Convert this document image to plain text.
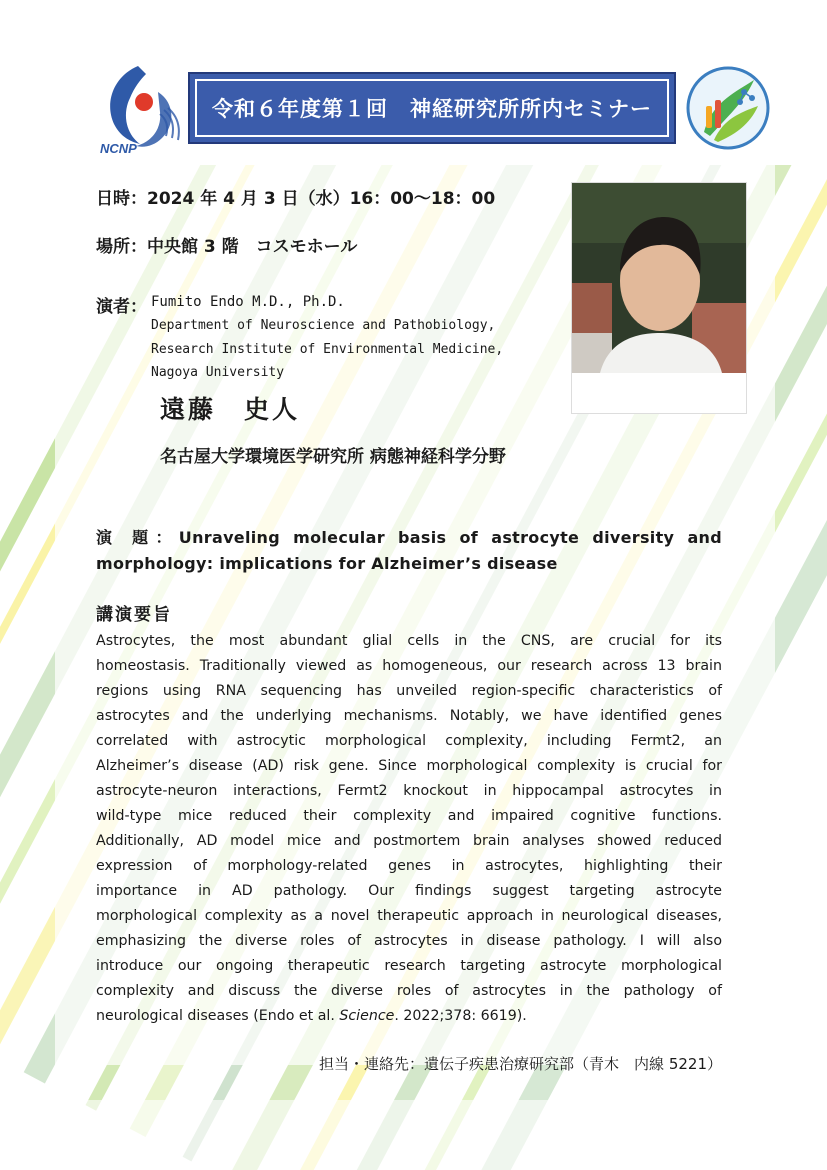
NCNP
令和６年度第１回　神経研究所所内セミナー
日時：2024 年 4 月 3 日（水）16：00〜18：00
場所：中央館 3 階　コスモホール
演者： Fumito Endo M.D., Ph.D.
Department of Neuroscience and Pathobiology,
Research Institute of Environmental Medicine,
Nagoya University
遠藤　史人
名古屋大学環境医学研究所 病態神経科学分野
演 題：Unraveling molecular basis of astrocyte diversity and morphology: implications for Alzheimer’s disease
講演要旨
Astrocytes, the most abundant glial cells in the CNS, are crucial for its
homeostasis. Traditionally viewed as homogeneous, our research across 13 brain
regions using RNA sequencing has unveiled region-specific characteristics of
astrocytes and the underlying mechanisms. Notably, we have identified genes
correlated with astrocytic morphological complexity, including Fermt2, an
Alzheimer’s disease (AD) risk gene. Since morphological complexity is crucial for
astrocyte-neuron interactions, Fermt2 knockout in hippocampal astrocytes in
wild-type mice reduced their complexity and impaired cognitive functions.
Additionally, AD model mice and postmortem brain analyses showed reduced
expression of morphology-related genes in astrocytes, highlighting their
importance in AD pathology. Our findings suggest targeting astrocyte
morphological complexity as a novel therapeutic approach in neurological diseases,
emphasizing the diverse roles of astrocytes in disease pathology. I will also
introduce our ongoing therapeutic research targeting astrocyte morphological
complexity and discuss the diverse roles of astrocytes in the pathology of
neurological diseases (Endo et al. Science. 2022;378: 6619).
担当・連絡先：遺伝子疾患治療研究部（青木　内線 5221）
